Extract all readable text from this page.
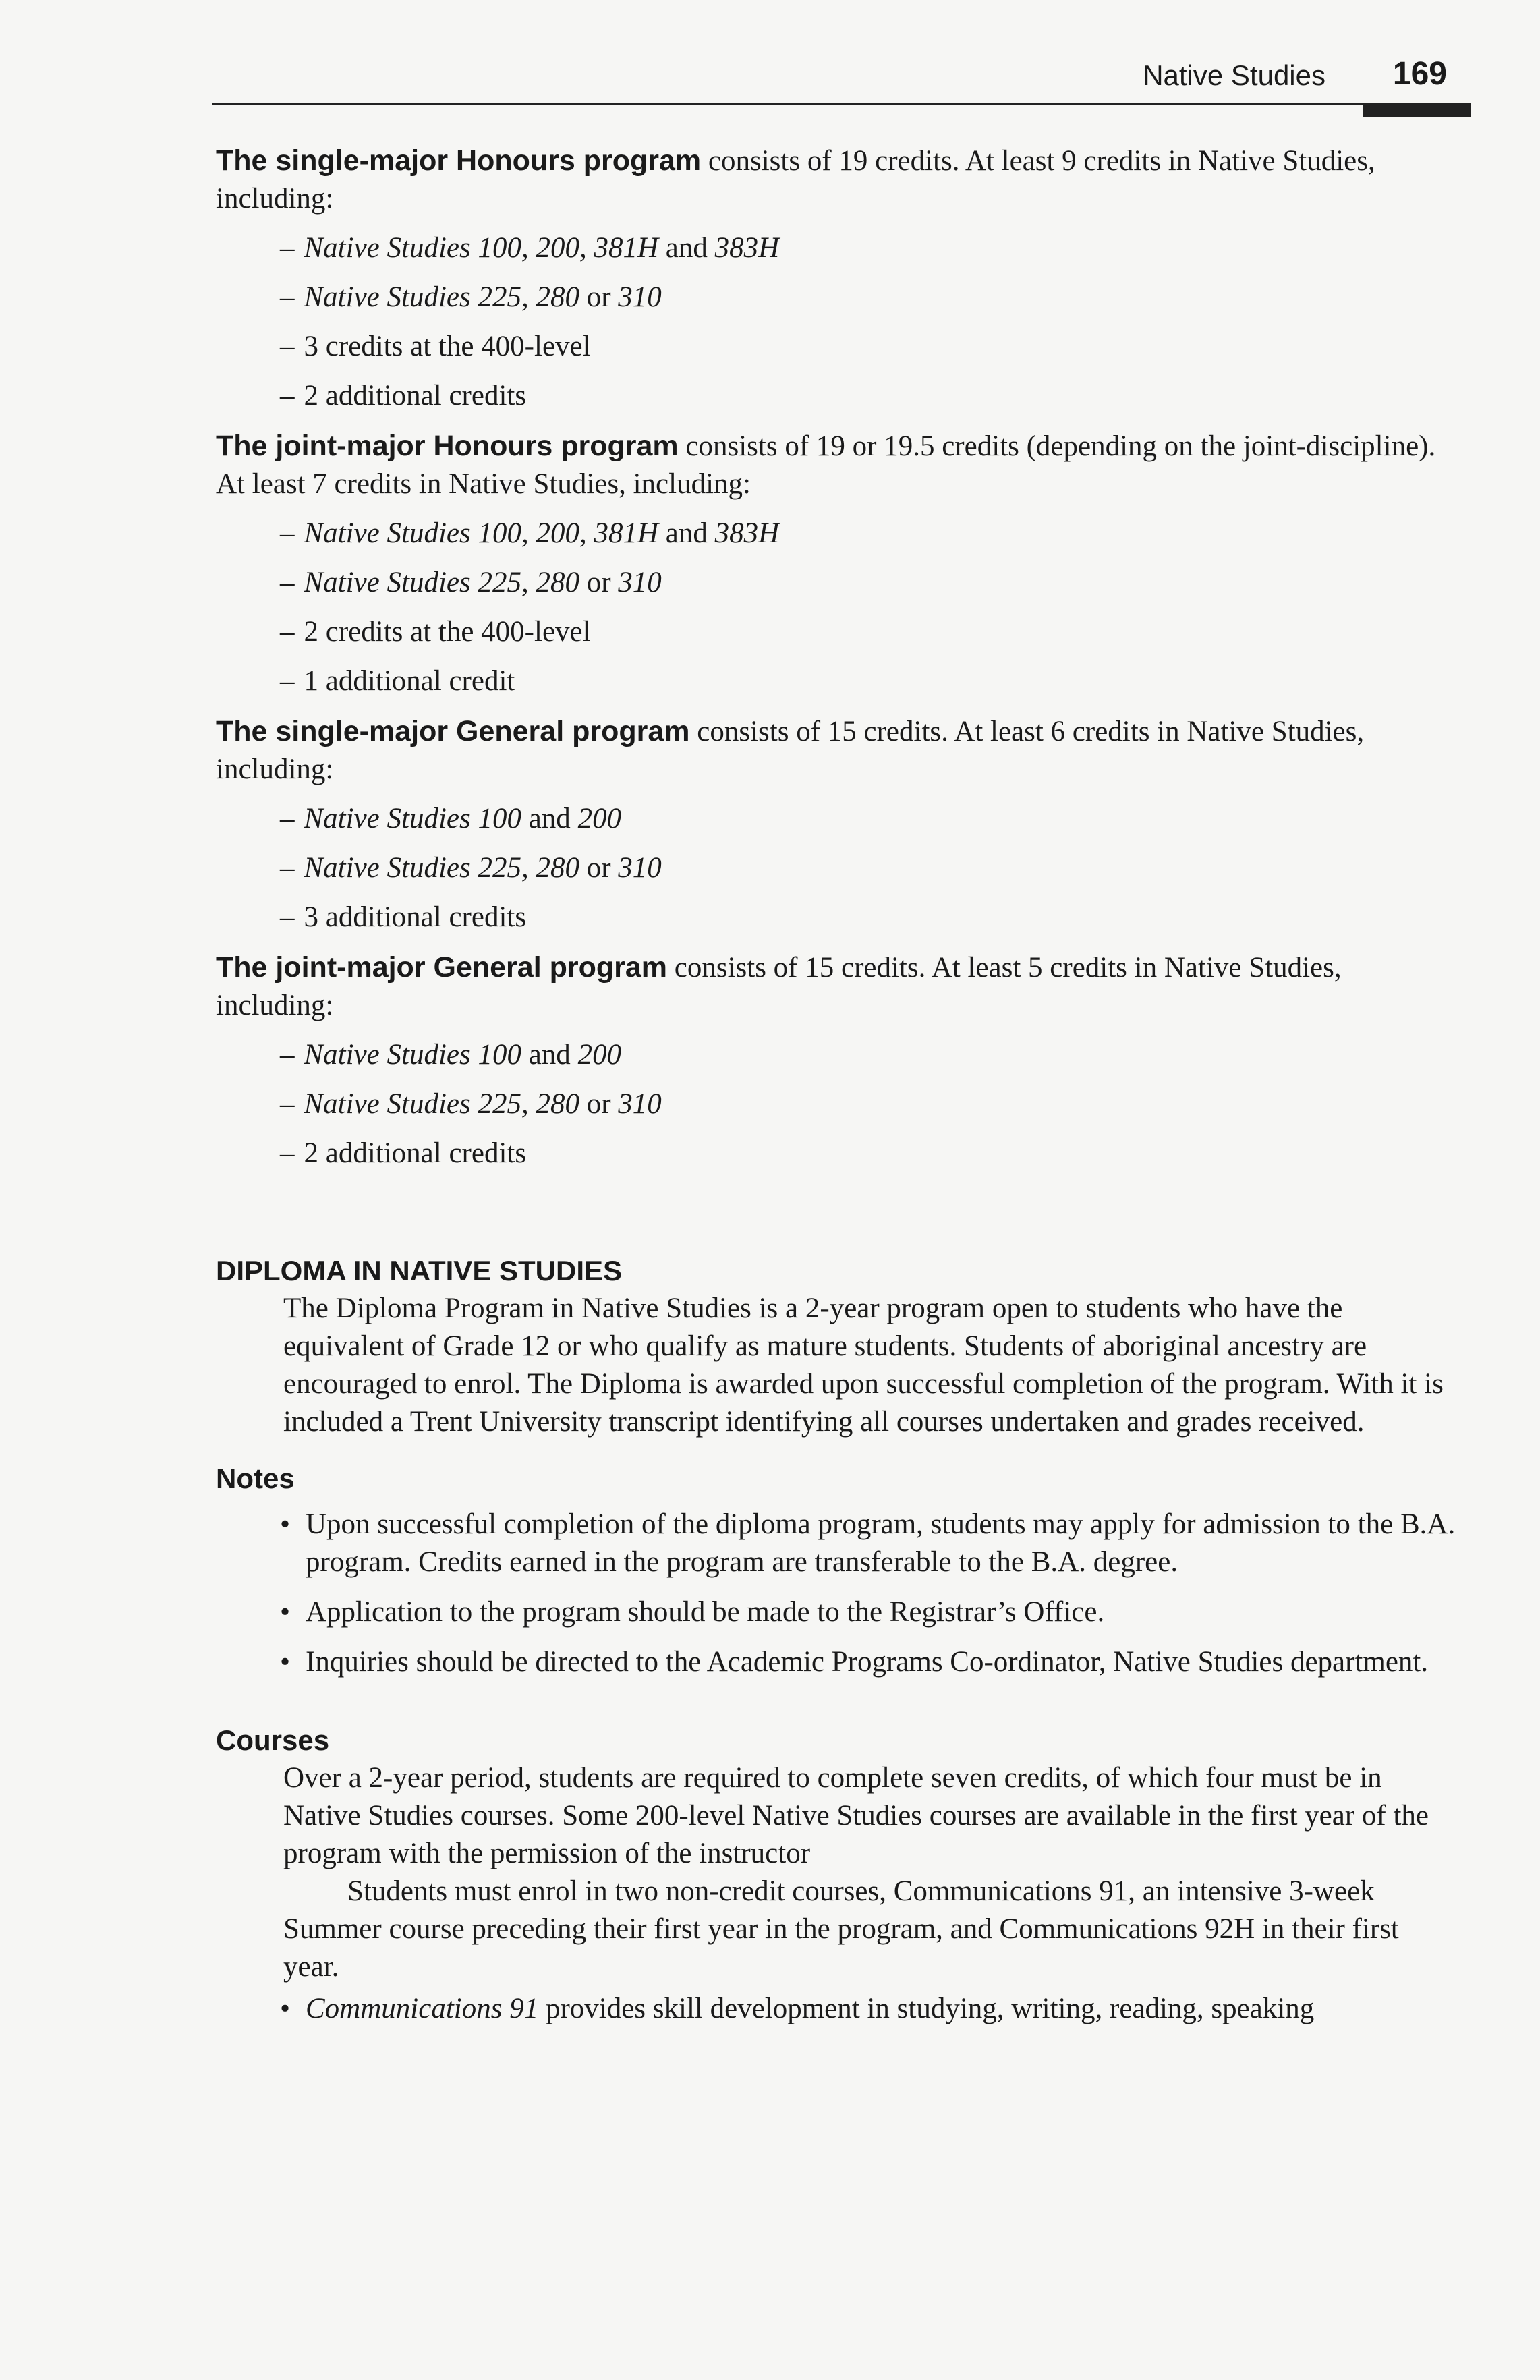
Native Studies 169

The single-major Honours program consists of 19 credits. At least 9 credits in Native Studies, including:

– Native Studies 100, 200, 381H and 383H
– Native Studies 225, 280 or 310
– 3 credits at the 400-level
– 2 additional credits

The joint-major Honours program consists of 19 or 19.5 credits (depending on the joint-discipline). At least 7 credits in Native Studies, including:

– Native Studies 100, 200, 381H and 383H
– Native Studies 225, 280 or 310
– 2 credits at the 400-level
– 1 additional credit

The single-major General program consists of 15 credits. At least 6 credits in Native Studies, including:

– Native Studies 100 and 200
– Native Studies 225, 280 or 310
– 3 additional credits

The joint-major General program consists of 15 credits. At least 5 credits in Native Studies, including:

– Native Studies 100 and 200
– Native Studies 225, 280 or 310
– 2 additional credits
DIPLOMA IN NATIVE STUDIES

The Diploma Program in Native Studies is a 2-year program open to students who have the equivalent of Grade 12 or who qualify as mature students. Students of aboriginal ancestry are encouraged to enrol. The Diploma is awarded upon successful completion of the program. With it is included a Trent University transcript identifying all courses undertaken and grades received.

Notes
• Upon successful completion of the diploma program, students may apply for admission to the B.A. program. Credits earned in the program are transferable to the B.A. degree.
• Application to the program should be made to the Registrar’s Office.
• Inquiries should be directed to the Academic Programs Co-ordinator, Native Studies department.
Courses

Over a 2-year period, students are required to complete seven credits, of which four must be in Native Studies courses. Some 200-level Native Studies courses are available in the first year of the program with the permission of the instructor

Students must enrol in two non-credit courses, Communications 91, an intensive 3-week Summer course preceding their first year in the program, and Communications 92H in their first year.

• Communications 91 provides skill development in studying, writing, reading, speaking
